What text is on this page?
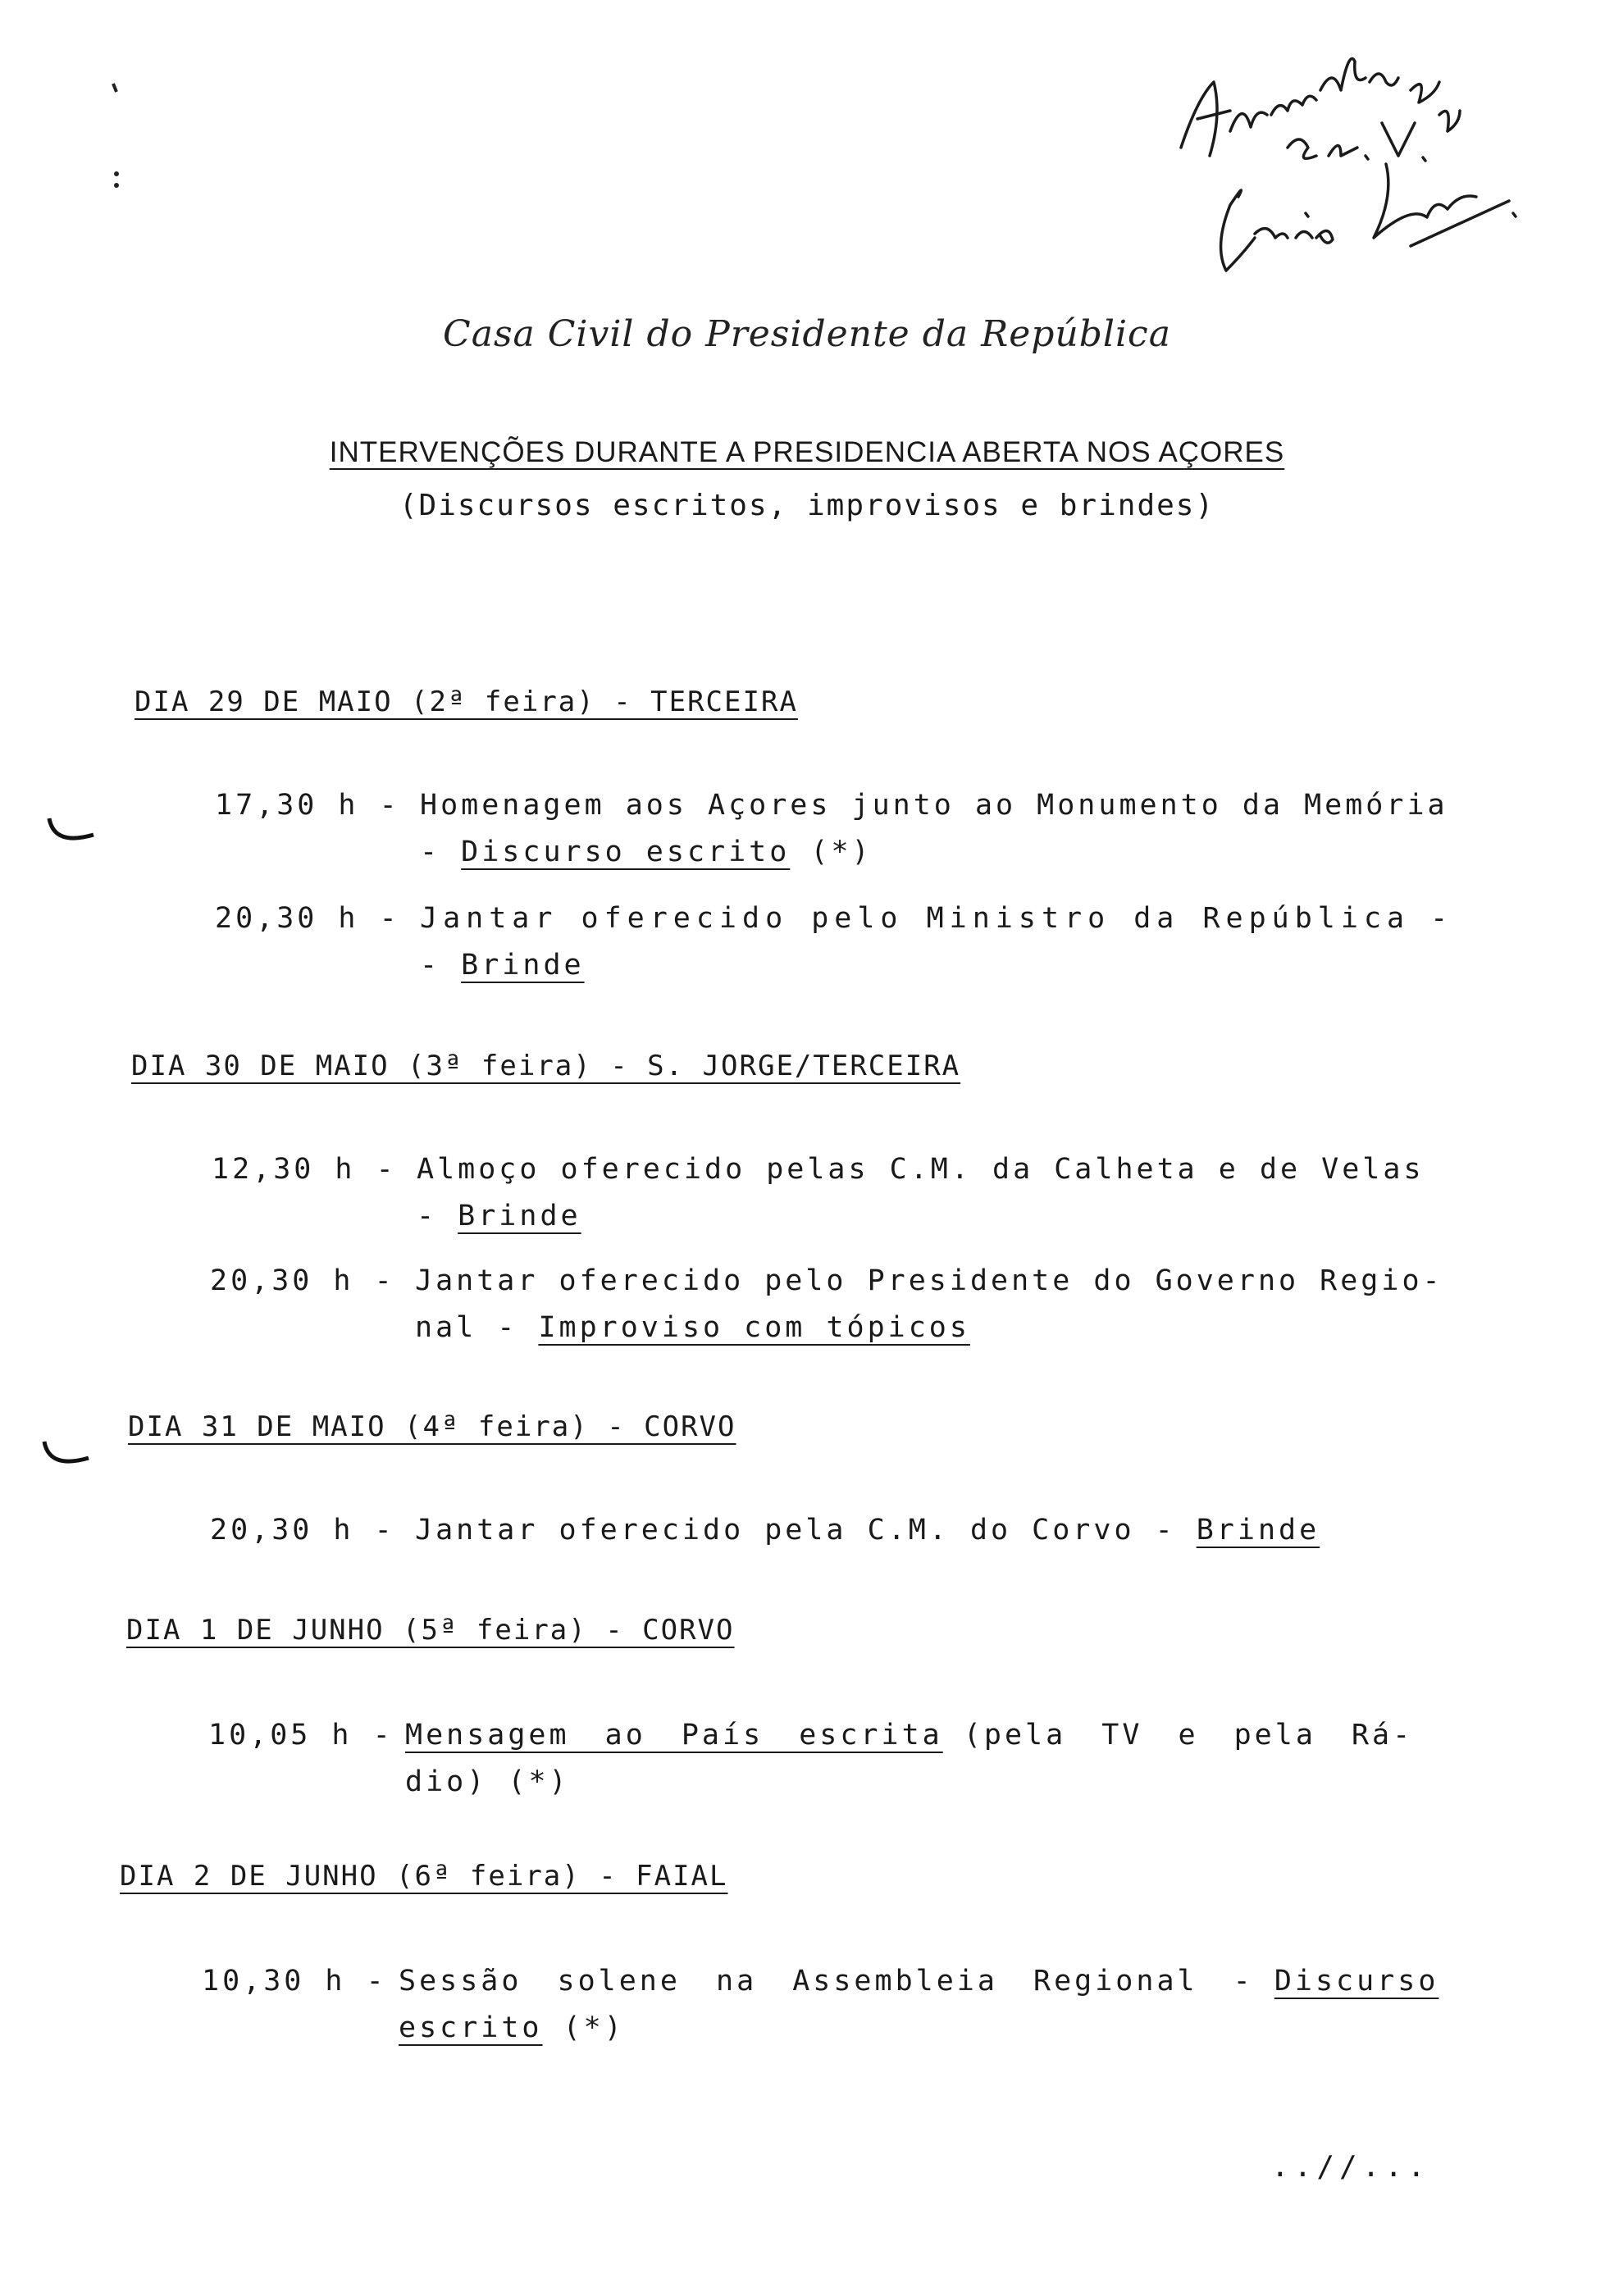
Casa Civil do Presidente da República
INTERVENÇÕES DURANTE A PRESIDENCIA ABERTA NOS AÇORES
(Discursos escritos, improvisos e brindes)
DIA 29 DE MAIO (2ª feira) - TERCEIRA
17,30 h - Homenagem aos Açores junto ao Monumento da Memória
- Discurso escrito (*)
20,30 h - Jantar oferecido pelo Ministro da República -
- Brinde
DIA 30 DE MAIO (3ª feira) - S. JORGE/TERCEIRA
12,30 h - Almoço oferecido pelas C.M. da Calheta e de Velas
- Brinde
20,30 h - Jantar oferecido pelo Presidente do Governo Regio-
nal - Improviso com tópicos
DIA 31 DE MAIO (4ª feira) - CORVO
20,30 h - Jantar oferecido pela C.M. do Corvo - Brinde
DIA 1 DE JUNHO (5ª feira) - CORVO
10,05 h - Mensagem ao País escrita (pela TV e pela Rá-
dio) (*)
DIA 2 DE JUNHO (6ª feira) - FAIAL
10,30 h - Sessão solene na Assembleia Regional - Discurso
escrito (*)
..//...
